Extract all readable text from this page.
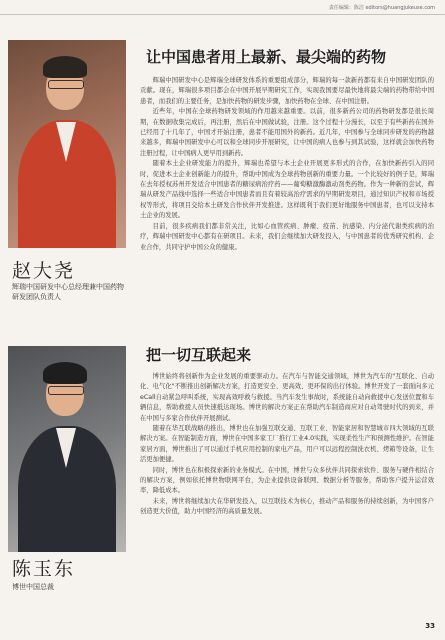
责任编辑：陈洁 editors@huangjukeuse.com
赵大尧
辉瑞中国研发中心总经理兼中国药物研发团队负责人
让中国患者用上最新、最尖端的药物

辉瑞中国研发中心是辉瑞全球研发体系的重要组成部分，辉瑞的每一款新药都有来自中国研发团队的贡献。现在，辉瑞很多项目都会在中国开展早期研究工作，实现我国要尽最快地将最尖端的药物带给中国患者，而我们的主要任务，是加快药物的研发步骤，加快药物在全球、在中国注册。

近些年，中国在全球药物研发领域的作用越来越重要。以前，很多新药公司的药物研发都是很长周期，在数据收集完成后，再注册，然后在中国做试验，注册。这个过程十分漫长，以至于有些新药在国外已经用了十几年了，中国才开始注册，患者不能用国外的新药。近几年，中国参与全球同步研发的药物越来越多，辉瑞中国研发中心可以和全球同步开展研究，让中国的病人也参与到其试验，这样就会加快药物注册过程，让中国病人更早用到新药。

随着本土企业研发能力的提升，辉瑞也希望与本土企业开展更多形式的合作，在加快新药引入的同时，促进本土企业创新能力的提升，帮助中国成为全球药物创新的重要力量。一个比较好的例子是，辉瑞在去年授权苏州开发适合中国患者的糖尿病治疗药——葡萄糖激酶激动剂类药物。作为一种新的尝试，辉瑞从研发产品线中选择一些适合中国患者而且有着较高治疗需求的早期研发项目，通过知识产权和市场授权等形式，将项目交给本土研发合作伙伴开发推进。这样既利于我们更好地服务中国患者，也可以支持本土企业的发展。

目前，很多疾病我们都非常关注，比如心血管疾病、肿瘤、疫苗、抗感染、内分泌代谢类疾病的治疗，辉瑞中国研发中心都有在研项目。未来，我们会继续加大研发投入，与中国患者的优秀研究机构、企业合作，共同守护中国公众的健康。

陈玉东
博世中国总裁
把一切互联起来

博世始终将创新作为企业发展的重要驱动力。在汽车与智能交通领域，博世为汽车的"互联化、自动化、电气化"不断推出创新解决方案，打造更安全、更高效、更环保的出行体验。博世开发了一套面向多元eCall自动紧急呼叫系统，实现高效呼救与救援。当汽车发生事故时，系统能自动向救援中心发送位置和车辆信息，帮助救援人员快速抵达现场。博世的解决方案正在帮助汽车制造商应对自动驾驶时代的到来，并在中国与多家合作伙伴开展测试。

随着在华互联战略的推出，博世也在加强互联交通、互联工业、智能家居和智慧城市四大领域的互联解决方案。在智能制造方面，博世在中国多家工厂推行工业4.0实践，实现柔性生产和预测性维护。在智能家居方面，博世推出了可以通过手机应用控制的家电产品，用户可以远程控制洗衣机、烤箱等设备，让生活更加便捷。

同时，博世也在积极探索新的业务模式。在中国，博世与众多伙伴共同探索软件、服务与硬件相结合的解决方案，例如依托博世物联网平台，为企业提供设备联网、数据分析等服务，帮助客户提升运营效率，降低成本。

未来，博世将继续加大在华研发投入，以互联技术为核心，推动产品和服务的持续创新，为中国客户创造更大价值，助力中国经济的高质量发展。

33
